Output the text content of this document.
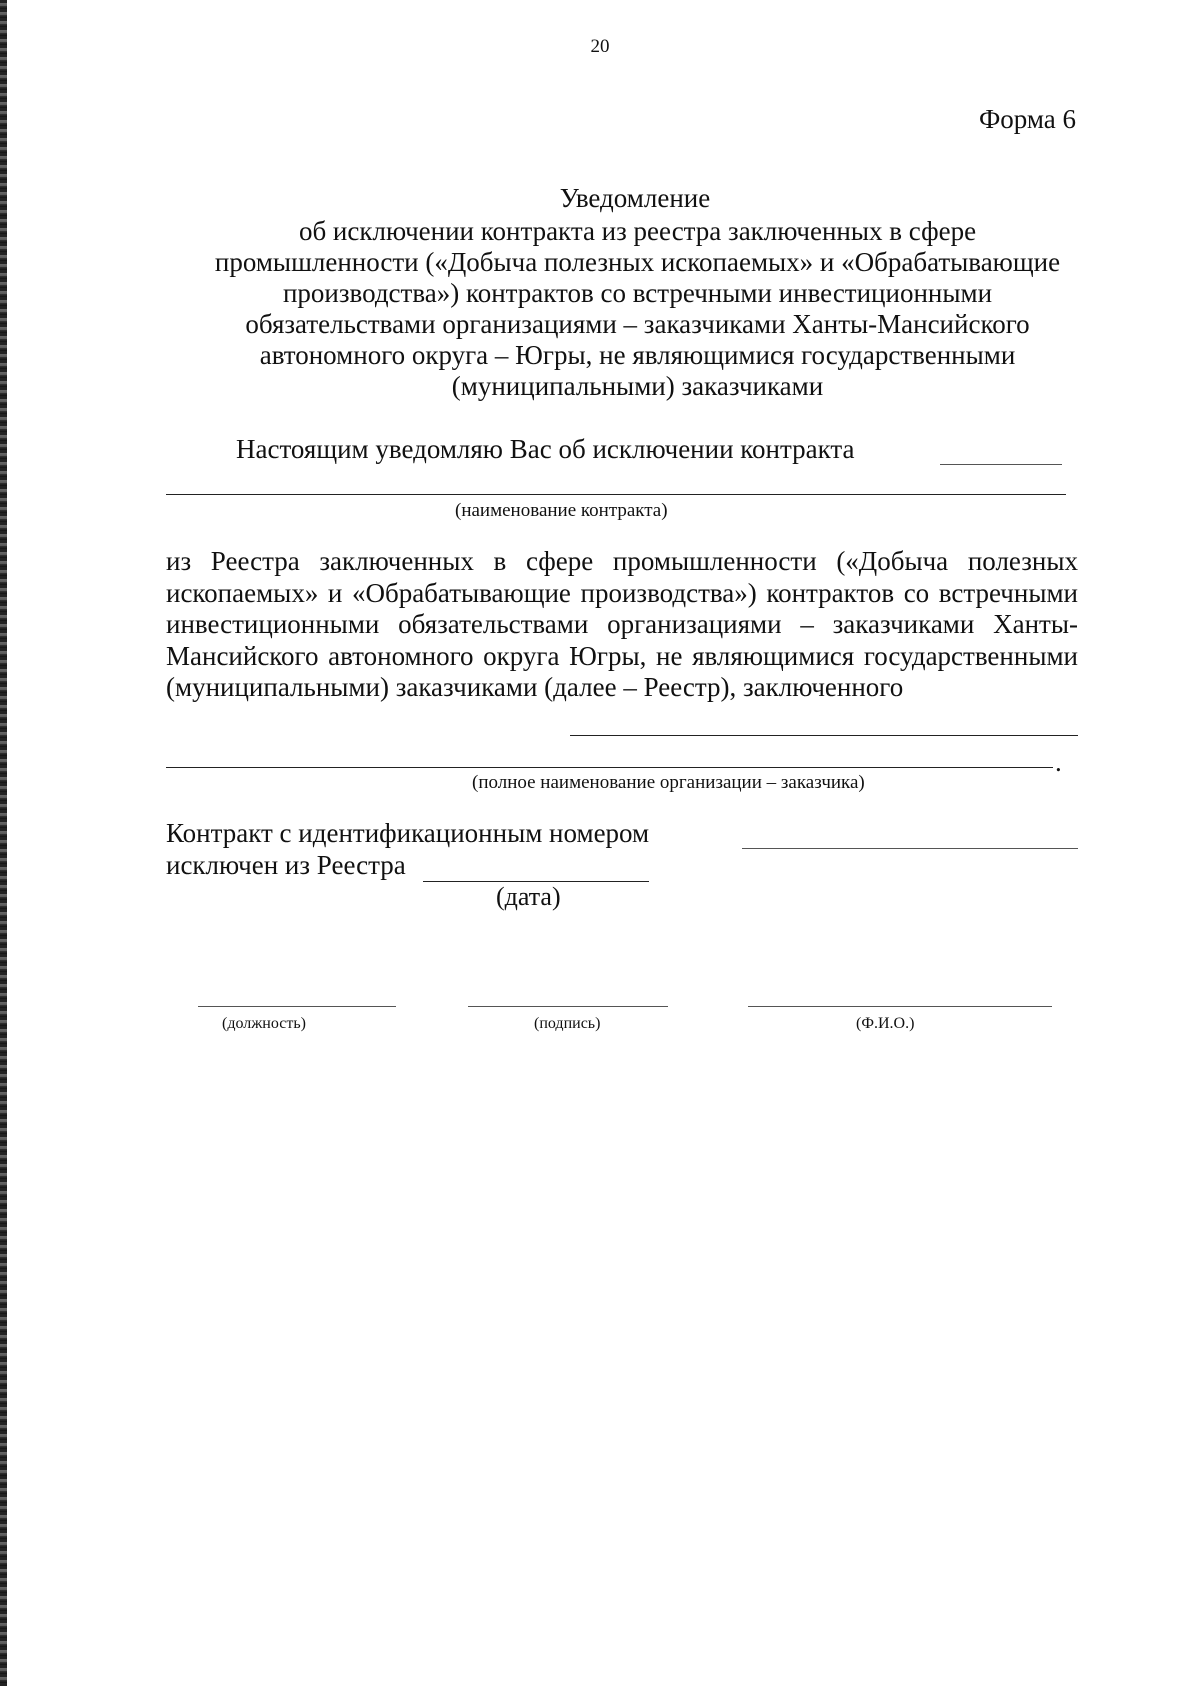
20
Форма 6
Уведомление
об исключении контракта из реестра заключенных в сфере
промышленности («Добыча полезных ископаемых» и «Обрабатывающие
производства») контрактов со встречными инвестиционными
обязательствами организациями – заказчиками Ханты-Мансийского
автономного округа – Югры, не являющимися государственными
(муниципальными) заказчиками
Настоящим уведомляю Вас об исключении контракта
(наименование контракта)
из Реестра заключенных в сфере промышленности («Добыча полезных ископаемых» и «Обрабатывающие производства») контрактов со встречными инвестиционными обязательствами организациями – заказчиками Ханты-Мансийского автономного округа Югры, не являющимися государственными (муниципальными) заказчиками (далее – Реестр), заключенного
.
(полное наименование организации – заказчика)
Контракт с идентификационным номером
исключен из Реестра
(дата)
(должность)	(подпись)	(Ф.И.О.)
